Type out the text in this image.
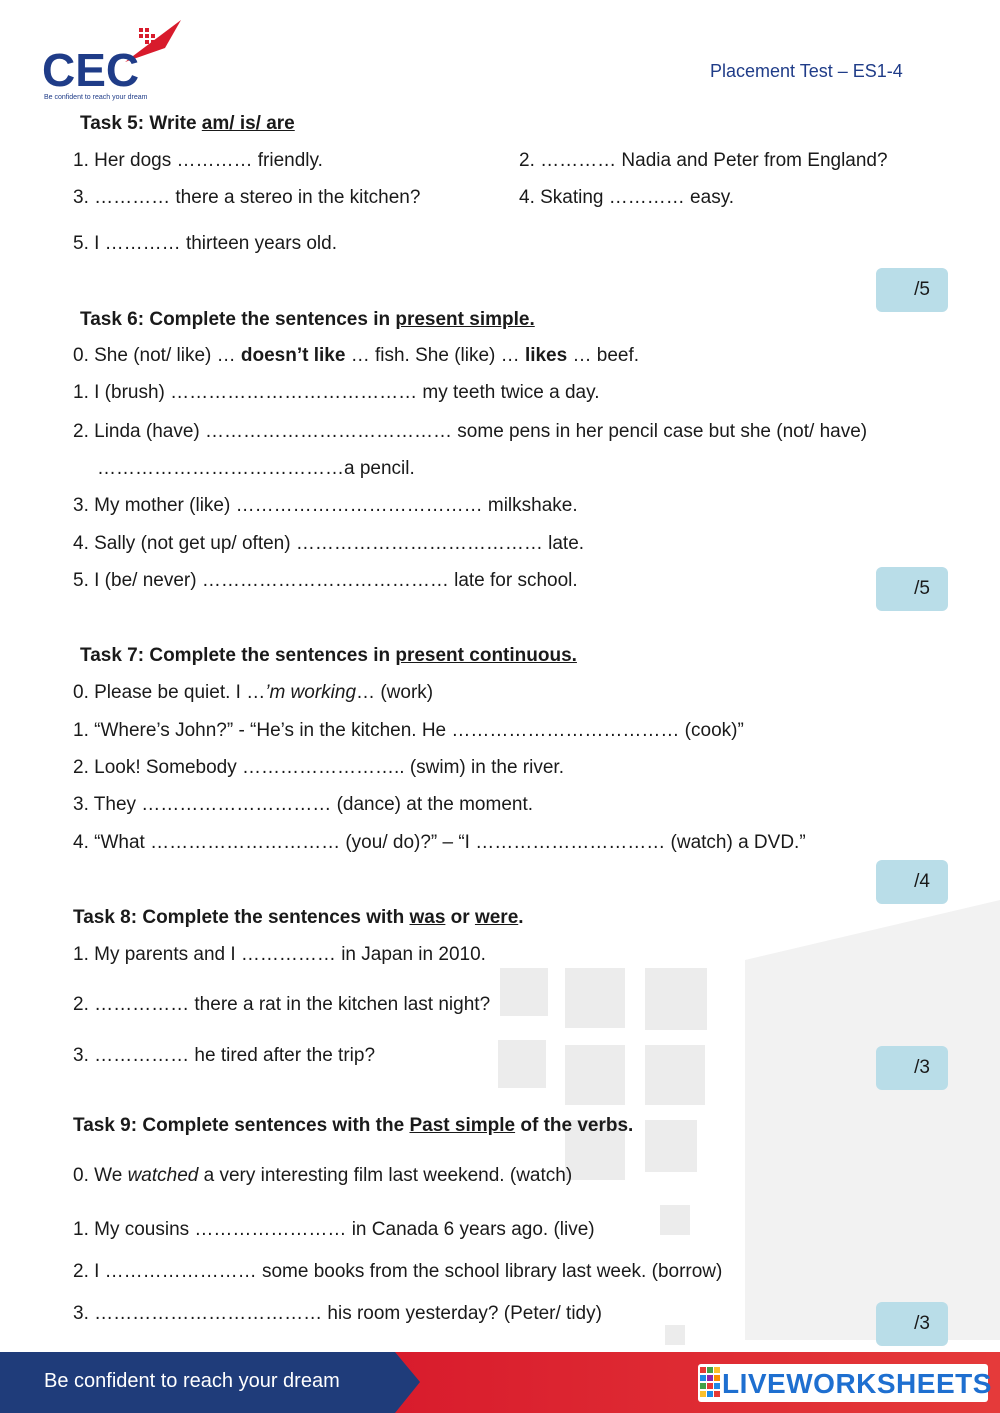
CEC
Be confident to reach your dream
Placement Test – ES1-4
Task 5: Write am/ is/ are
1. Her dogs ………… friendly.	2. ………… Nadia and Peter from England?
3. ………… there a stereo in the kitchen?	4. Skating ………… easy.
5. I ………… thirteen years old.
/5
Task 6: Complete the sentences in present simple.
0. She (not/ like) … doesn’t like … fish. She (like) … likes … beef.
1. I (brush) ………………………………… my teeth twice a day.
2. Linda (have) ………………………………… some pens in her pencil case but she (not/ have)
…………………………………a pencil.
3. My mother (like) ………………………………… milkshake.
4. Sally (not get up/ often) ………………………………… late.
5. I (be/ never) ………………………………… late for school.	/5
Task 7: Complete the sentences in present continuous.
0. Please be quiet. I …’m working… (work)
1. “Where’s John?” - “He’s in the kitchen. He ……………………………… (cook)”
2. Look! Somebody …………………….. (swim) in the river.
3. They ………………………… (dance) at the moment.
4. “What ………………………… (you/ do)?” – “I ………………………… (watch) a DVD.”
/4
Task 8: Complete the sentences with was or were.
1. My parents and I …………… in Japan in 2010.
2. …………… there a rat in the kitchen last night?
3. …………… he tired after the trip?
/3
Task 9: Complete sentences with the Past simple of the verbs.
0. We watched a very interesting film last weekend. (watch)
1. My cousins …………………… in Canada 6 years ago. (live)
2. I …………………… some books from the school library last week. (borrow)
3. ……………………………… his room yesterday? (Peter/ tidy)	/3
Be confident to reach your dream	LIVEWORKSHEETS
